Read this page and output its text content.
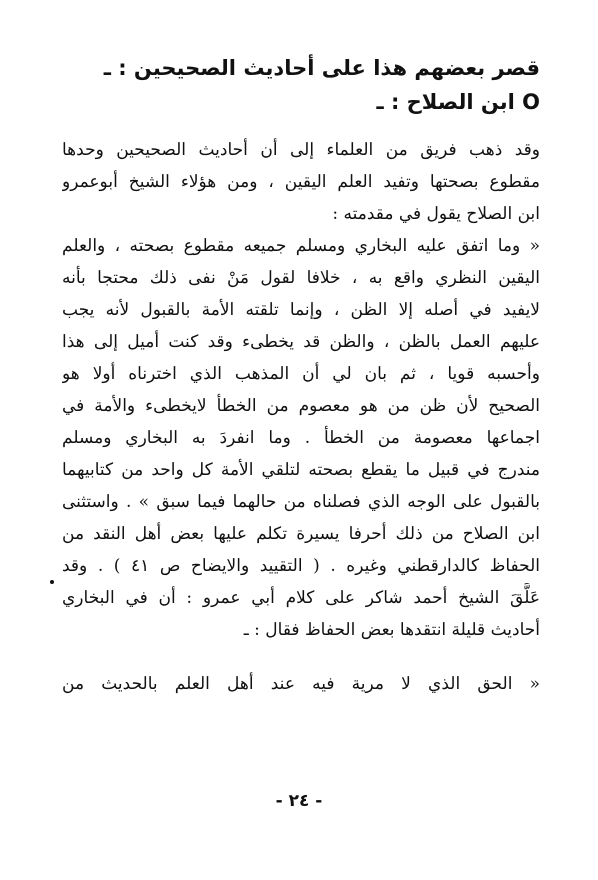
قصر بعضهم هذا على أحاديث الصحيحين : ـ
O ابن الصلاح : ـ
وقد ذهب فريق من العلماء إلى أن أحاديث الصحيحين وحدها
مقطوع بصحتها وتفيد العلم اليقين ، ومن هؤلاء الشيخ أبوعمرو
ابن الصلاح يقول في مقدمته :
« وما اتفق عليه البخاري ومسلم جميعه مقطوع بصحته ، والعلم
اليقين النظري واقع به ، خلافا لقول مَنْ نفى ذلك محتجا بأنه
لايفيد في أصله إلا الظن ، وإنما تلقته الأمة بالقبول لأنه يجب
عليهم العمل بالظن ، والظن قد يخطىء وقد كنت أميل إلى هذا
وأحسبه قويا ، ثم بان لي أن المذهب الذي اخترناه أولا هو
الصحيح لأن ظن من هو معصوم من الخطأ لايخطىء والأمة في
اجماعها معصومة من الخطأ . وما انفردَ به البخاري ومسلم
مندرج في قبيل ما يقطع بصحته لتلقي الأمة كل واحد من كتابيهما
بالقبول على الوجه الذي فصلناه من حالهما فيما سبق » . واستثنى
ابن الصلاح من ذلك أحرفا يسيرة تكلم عليها بعض أهل النقد من
الحفاظ كالدارقطني وغيره . ( التقييد والايضاح ص ٤١ ) . وقد
عَلَّقَ الشيخ أحمد شاكر على كلام أبي عمرو : أن في البخاري
أحاديث قليلة انتقدها بعض الحفاظ فقال : ـ
« الحق الذي لا مرية فيه عند أهل العلم بالحديث من
- ٢٤ -
